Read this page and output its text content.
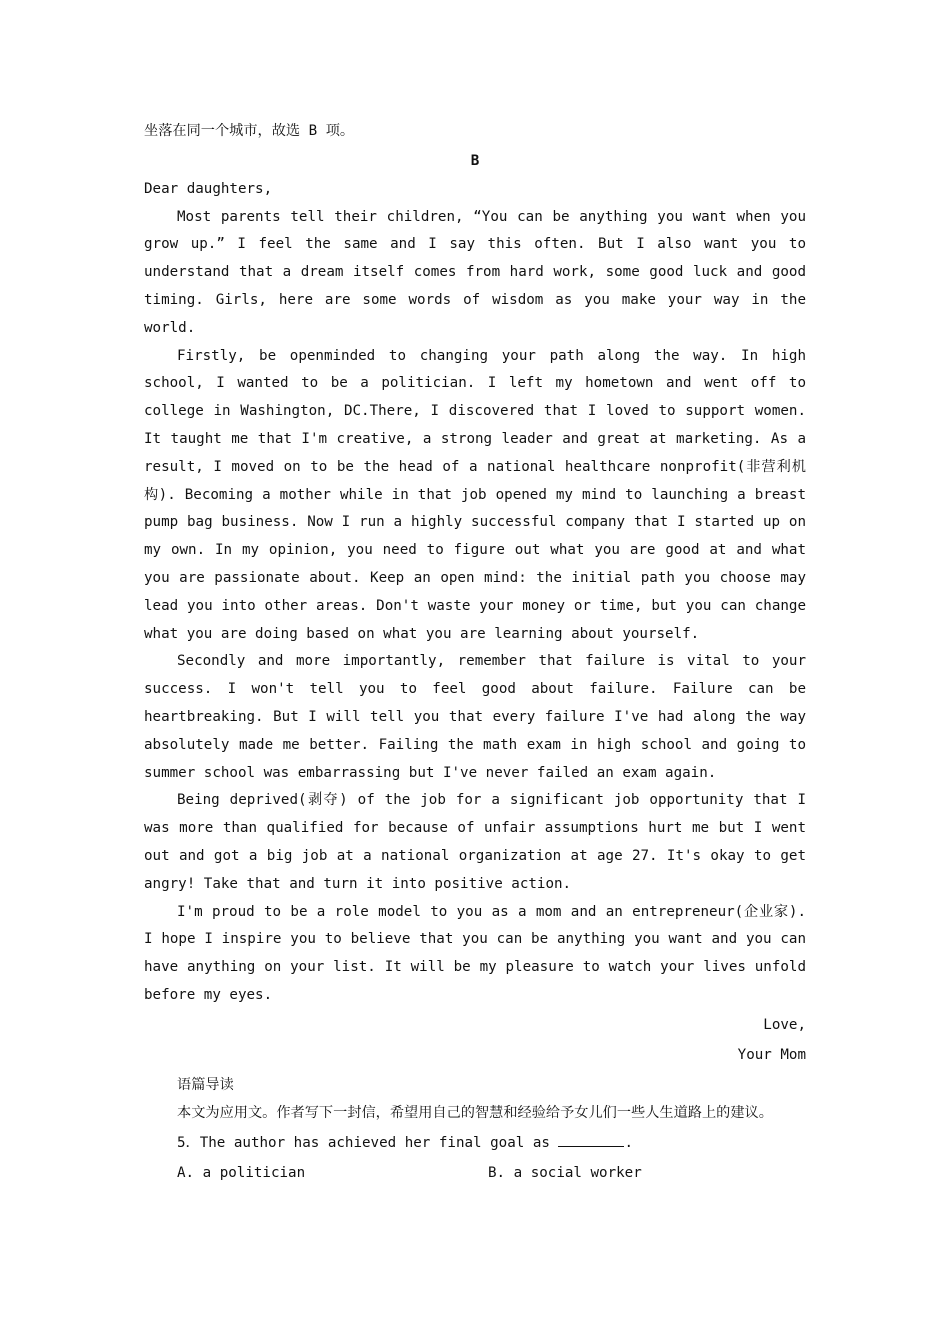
坐落在同一个城市，故选 B 项。

B

Dear daughters,

Most parents tell their children, “You can be anything you want when you grow up.” I feel the same and I say this often. But I also want you to understand that a dream itself comes from hard work, some good luck and good timing. Girls, here are some words of wisdom as you make your way in the world.

Firstly, be openminded to changing your path along the way. In high school, I wanted to be a politician. I left my hometown and went off to college in Washington, DC.There, I discovered that I loved to support women. It taught me that I'm creative, a strong leader and great at marketing. As a result, I moved on to be the head of a national healthcare nonprofit(非营利机构). Becoming a mother while in that job opened my mind to launching a breast pump bag business. Now I run a highly successful company that I started up on my own. In my opinion, you need to figure out what you are good at and what you are passionate about. Keep an open mind: the initial path you choose may lead you into other areas. Don't waste your money or time, but you can change what you are doing based on what you are learning about yourself.

Secondly and more importantly, remember that failure is vital to your success. I won't tell you to feel good about failure. Failure can be heartbreaking. But I will tell you that every failure I've had along the way absolutely made me better. Failing the math exam in high school and going to summer school was embarrassing but I've never failed an exam again.

Being deprived(剥夺) of the job for a significant job opportunity that I was more than qualified for because of unfair assumptions hurt me but I went out and got a big job at a national organization at age 27. It's okay to get angry! Take that and turn it into positive action.

I'm proud to be a role model to you as a mom and an entrepreneur(企业家). I hope I inspire you to believe that you can be anything you want and you can have anything on your list. It will be my pleasure to watch your lives unfold before my eyes.

Love,
Your Mom
语篇导读

本文为应用文。作者写下一封信，希望用自己的智慧和经验给予女儿们一些人生道路上的建议。

5．The author has achieved her final goal as	.
A. a politician	B. a social worker
